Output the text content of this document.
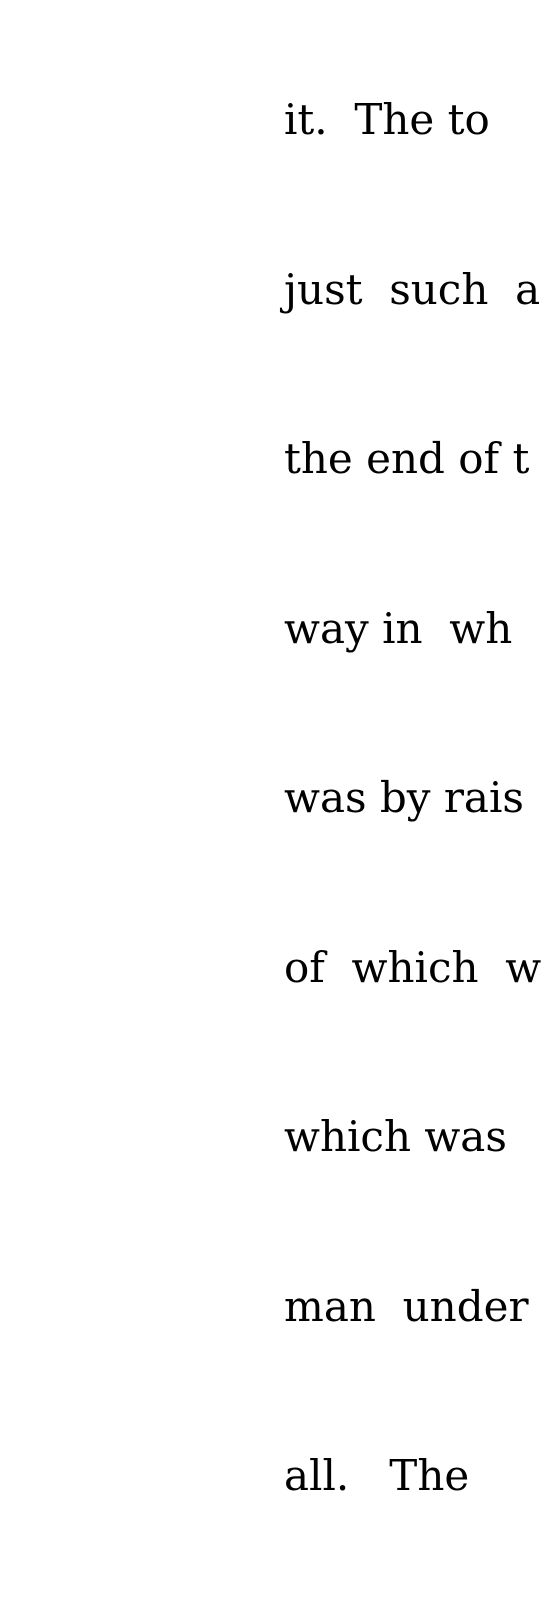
it.  The to

just  such  a

the end of t

way in  wh

was by rais

of  which  w

which was

man  under

all.   The
